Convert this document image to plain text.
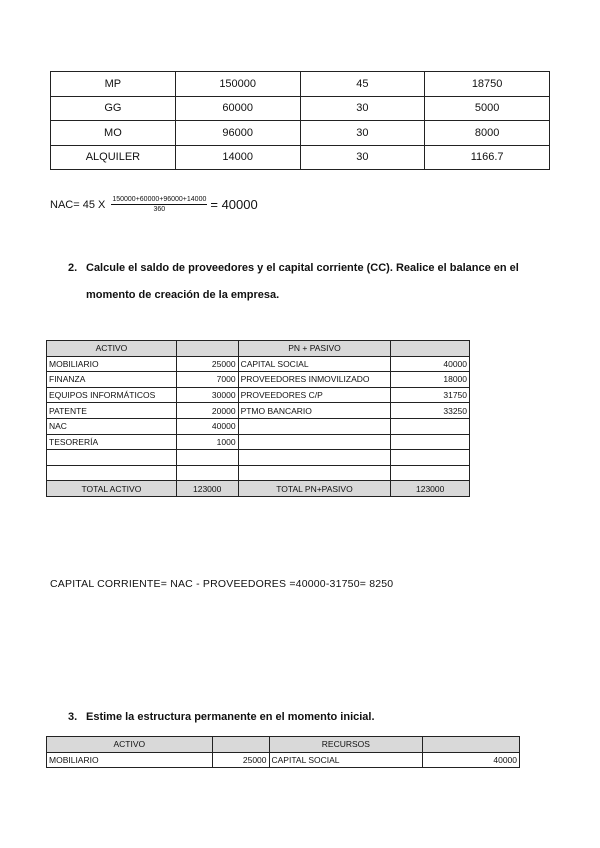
MP	150000	45	18750
GG	60000	30	5000
MO	96000	30	8000
ALQUILER	14000	30	1166.7
NAC= 45 X $\frac{150000+60000+96000+14000}{360} = 40000$
2. Calcule el saldo de proveedores y el capital corriente (CC). Realice el balance en el
momento de creación de la empresa.
ACTIVO		PN + PASIVO	
MOBILIARIO	25000	CAPITAL SOCIAL	40000
FINANZA	7000	PROVEEDORES INMOVILIZADO	18000
EQUIPOS INFORMÁTICOS	30000	PROVEEDORES C/P	31750
PATENTE	20000	PTMO BANCARIO	33250
NAC	40000		
TESORERÍA	1000		

TOTAL ACTIVO	123000	TOTAL PN+PASIVO	123000
CAPITAL CORRIENTE= NAC - PROVEEDORES =40000-31750= 8250
3. Estime la estructura permanente en el momento inicial.
ACTIVO		RECURSOS	
MOBILIARIO	25000	CAPITAL SOCIAL	40000
